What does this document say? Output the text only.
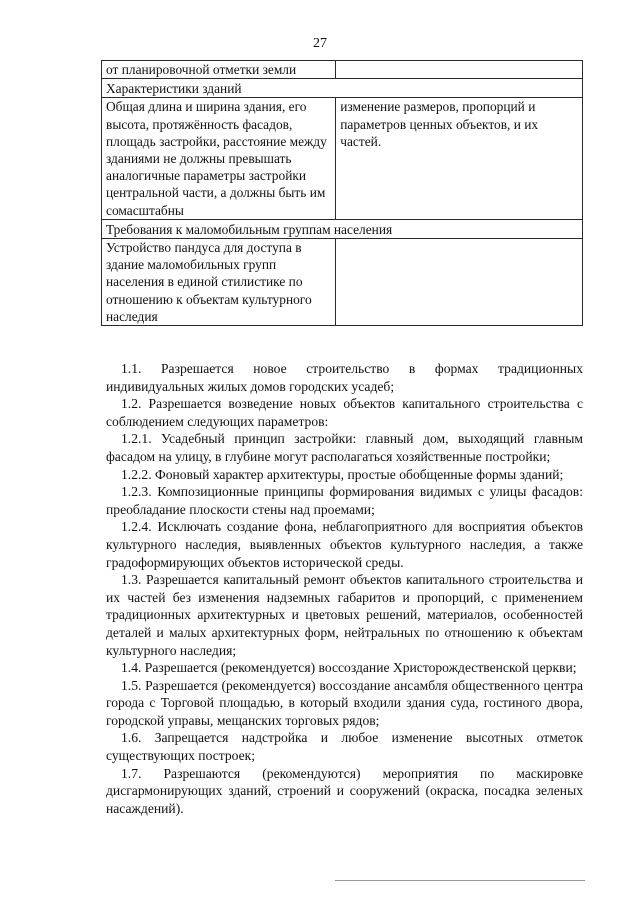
27
от планировочной отметки земли	
Характеристики зданий	
Общая длина и ширина здания, его высота, протяжённость фасадов, площадь застройки, расстояние между зданиями не должны превышать аналогичные параметры застройки центральной части, а должны быть им сомасштабны	изменение размеров, пропорций и параметров ценных объектов, и их частей.
Требования к маломобильным группам населения	
Устройство пандуса для доступа в здание маломобильных групп населения в единой стилистике по отношению к объектам культурного наследия	

1.1. Разрешается новое строительство в формах традиционных индивидуальных жилых домов городских усадеб;

1.2. Разрешается возведение новых объектов капитального строительства с соблюдением следующих параметров:

1.2.1. Усадебный принцип застройки: главный дом, выходящий главным фасадом на улицу, в глубине могут располагаться хозяйственные постройки;

1.2.2. Фоновый характер архитектуры, простые обобщенные формы зданий;

1.2.3. Композиционные принципы формирования видимых с улицы фасадов: преобладание плоскости стены над проемами;

1.2.4. Исключать создание фона, неблагоприятного для восприятия объектов культурного наследия, выявленных объектов культурного наследия, а также градоформирующих объектов исторической среды.

1.3. Разрешается капитальный ремонт объектов капитального строительства и их частей без изменения надземных габаритов и пропорций, с применением традиционных архитектурных и цветовых решений, материалов, особенностей деталей и малых архитектурных форм, нейтральных по отношению к объектам культурного наследия;

1.4. Разрешается (рекомендуется) воссоздание Христорождественской церкви;

1.5. Разрешается (рекомендуется) воссоздание ансамбля общественного центра города с Торговой площадью, в который входили здания суда, гостиного двора, городской управы, мещанских торговых рядов;

1.6. Запрещается надстройка и любое изменение высотных отметок существующих построек;

1.7. Разрешаются (рекомендуются) мероприятия по маскировке дисгармонирующих зданий, строений и сооружений (окраска, посадка зеленых насаждений).
